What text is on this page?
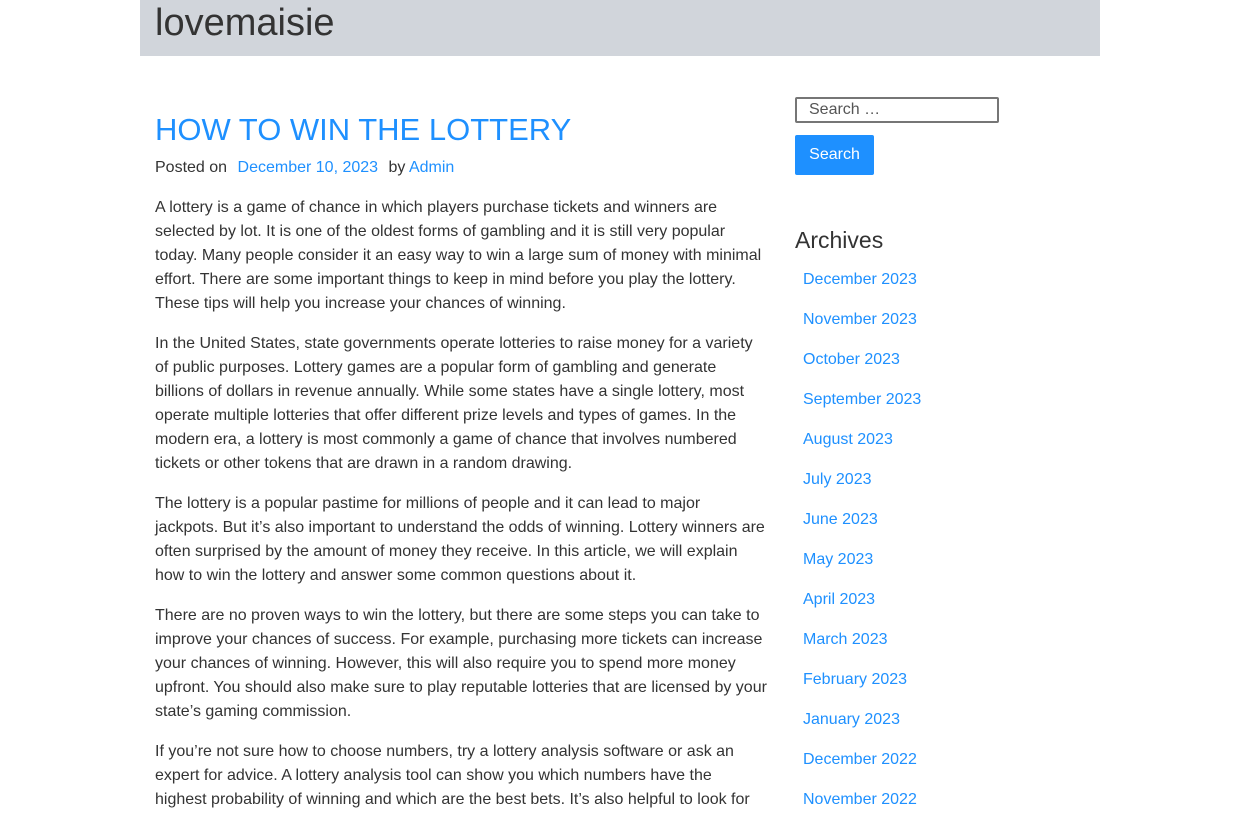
lovemaisie
HOW TO WIN THE LOTTERY
Posted on December 10, 2023 by Admin

A lottery is a game of chance in which players purchase tickets and winners are selected by lot. It is one of the oldest forms of gambling and it is still very popular today. Many people consider it an easy way to win a large sum of money with minimal effort. There are some important things to keep in mind before you play the lottery. These tips will help you increase your chances of winning.

In the United States, state governments operate lotteries to raise money for a variety of public purposes. Lottery games are a popular form of gambling and generate billions of dollars in revenue annually. While some states have a single lottery, most operate multiple lotteries that offer different prize levels and types of games. In the modern era, a lottery is most commonly a game of chance that involves numbered tickets or other tokens that are drawn in a random drawing.

The lottery is a popular pastime for millions of people and it can lead to major jackpots. But it’s also important to understand the odds of winning. Lottery winners are often surprised by the amount of money they receive. In this article, we will explain how to win the lottery and answer some common questions about it.

There are no proven ways to win the lottery, but there are some steps you can take to improve your chances of success. For example, purchasing more tickets can increase your chances of winning. However, this will also require you to spend more money upfront. You should also make sure to play reputable lotteries that are licensed by your state’s gaming commission.

If you’re not sure how to choose numbers, try a lottery analysis software or ask an expert for advice. A lottery analysis tool can show you which numbers have the highest probability of winning and which are the best bets. It’s also helpful to look for

Search …
Search
Archives
December 2023
November 2023
October 2023
September 2023
August 2023
July 2023
June 2023
May 2023
April 2023
March 2023
February 2023
January 2023
December 2022
November 2022
